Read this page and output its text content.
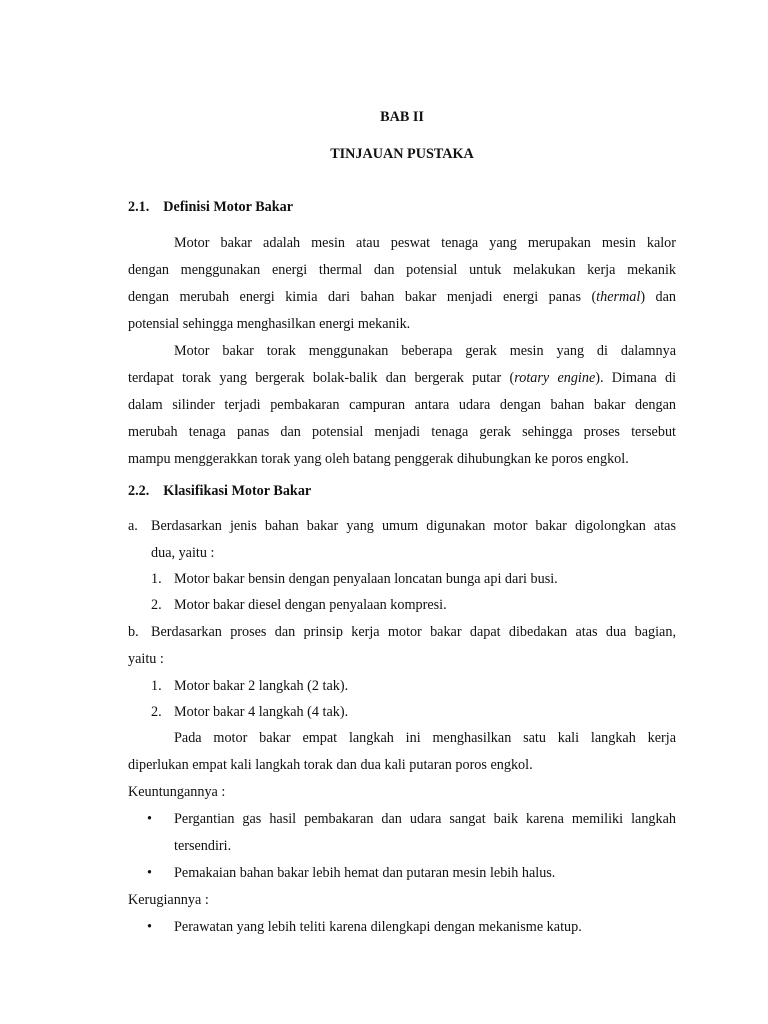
BAB II
TINJAUAN PUSTAKA
2.1. Definisi Motor Bakar
Motor bakar adalah mesin atau peswat tenaga yang merupakan mesin kalor
dengan menggunakan energi thermal dan potensial untuk melakukan kerja mekanik
dengan merubah energi kimia dari bahan bakar menjadi energi panas (thermal) dan
potensial sehingga menghasilkan energi mekanik.
Motor bakar torak menggunakan beberapa gerak mesin yang di dalamnya
terdapat torak yang bergerak bolak-balik dan bergerak putar (rotary engine). Dimana di
dalam silinder terjadi pembakaran campuran antara udara dengan bahan bakar dengan
merubah tenaga panas dan potensial menjadi tenaga gerak sehingga proses tersebut
mampu menggerakkan torak yang oleh batang penggerak dihubungkan ke poros engkol.
2.2. Klasifikasi Motor Bakar
a. Berdasarkan jenis bahan bakar yang umum digunakan motor bakar digolongkan atas
dua, yaitu :
1. Motor bakar bensin dengan penyalaan loncatan bunga api dari busi.
2. Motor bakar diesel dengan penyalaan kompresi.
b. Berdasarkan proses dan prinsip kerja motor bakar dapat dibedakan atas dua bagian,
yaitu :
1. Motor bakar 2 langkah (2 tak).
2. Motor bakar 4 langkah (4 tak).
Pada motor bakar empat langkah ini menghasilkan satu kali langkah kerja
diperlukan empat kali langkah torak dan dua kali putaran poros engkol.
Keuntungannya :
•	Pergantian gas hasil pembakaran dan udara sangat baik karena memiliki langkah
tersendiri.
•	Pemakaian bahan bakar lebih hemat dan putaran mesin lebih halus.
Kerugiannya :
•	Perawatan yang lebih teliti karena dilengkapi dengan mekanisme katup.
